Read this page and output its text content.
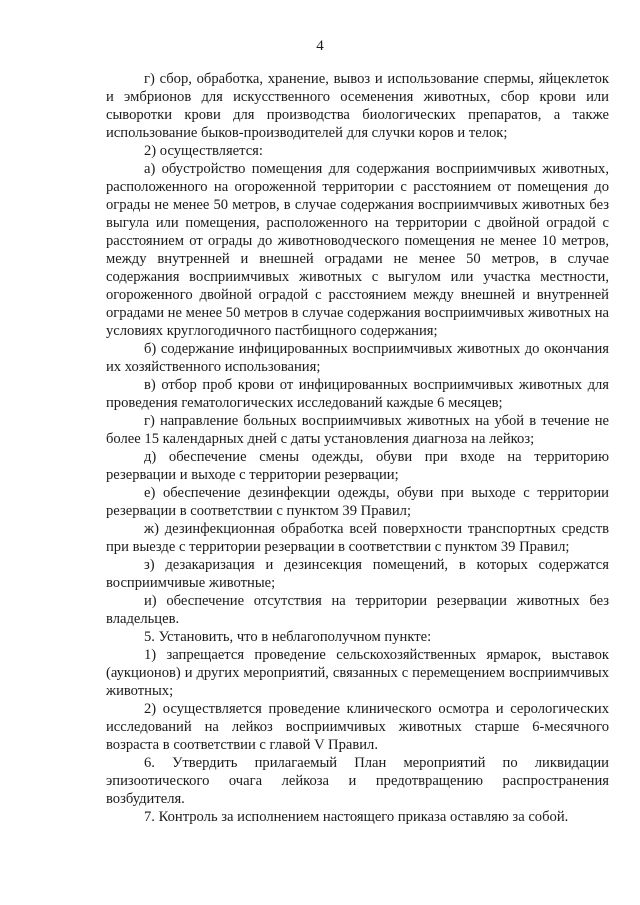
4

г) сбор, обработка, хранение, вывоз и использование спермы, яйцеклеток и эмбрионов для искусственного осеменения животных, сбор крови или сыворотки крови для производства биологических препаратов, а также использование быков-производителей для случки коров и телок;

2) осуществляется:

а) обустройство помещения для содержания восприимчивых животных, расположенного на огороженной территории с расстоянием от помещения до ограды не менее 50 метров, в случае содержания восприимчивых животных без выгула или помещения, расположенного на территории с двойной оградой с расстоянием от ограды до животноводческого помещения не менее 10 метров, между внутренней и внешней оградами не менее 50 метров, в случае содержания восприимчивых животных с выгулом или участка местности, огороженного двойной оградой с расстоянием между внешней и внутренней оградами не менее 50 метров в случае содержания восприимчивых животных на условиях круглогодичного пастбищного содержания;

б) содержание инфицированных восприимчивых животных до окончания их хозяйственного использования;

в) отбор проб крови от инфицированных восприимчивых животных для проведения гематологических исследований каждые 6 месяцев;

г) направление больных восприимчивых животных на убой в течение не более 15 календарных дней с даты установления диагноза на лейкоз;

д) обеспечение смены одежды, обуви при входе на территорию резервации и выходе с территории резервации;

е) обеспечение дезинфекции одежды, обуви при выходе с территории резервации в соответствии с пунктом 39 Правил;

ж) дезинфекционная обработка всей поверхности транспортных средств при выезде с территории резервации в соответствии с пунктом 39 Правил;

з) дезакаризация и дезинсекция помещений, в которых содержатся восприимчивые животные;

и) обеспечение отсутствия на территории резервации животных без владельцев.

5. Установить, что в неблагополучном пункте:

1) запрещается проведение сельскохозяйственных ярмарок, выставок (аукционов) и других мероприятий, связанных с перемещением восприимчивых животных;

2) осуществляется проведение клинического осмотра и серологических исследований на лейкоз восприимчивых животных старше 6-месячного возраста в соответствии с главой V Правил.

6. Утвердить прилагаемый План мероприятий по ликвидации эпизоотического очага лейкоза и предотвращению распространения возбудителя.

7. Контроль за исполнением настоящего приказа оставляю за собой.
